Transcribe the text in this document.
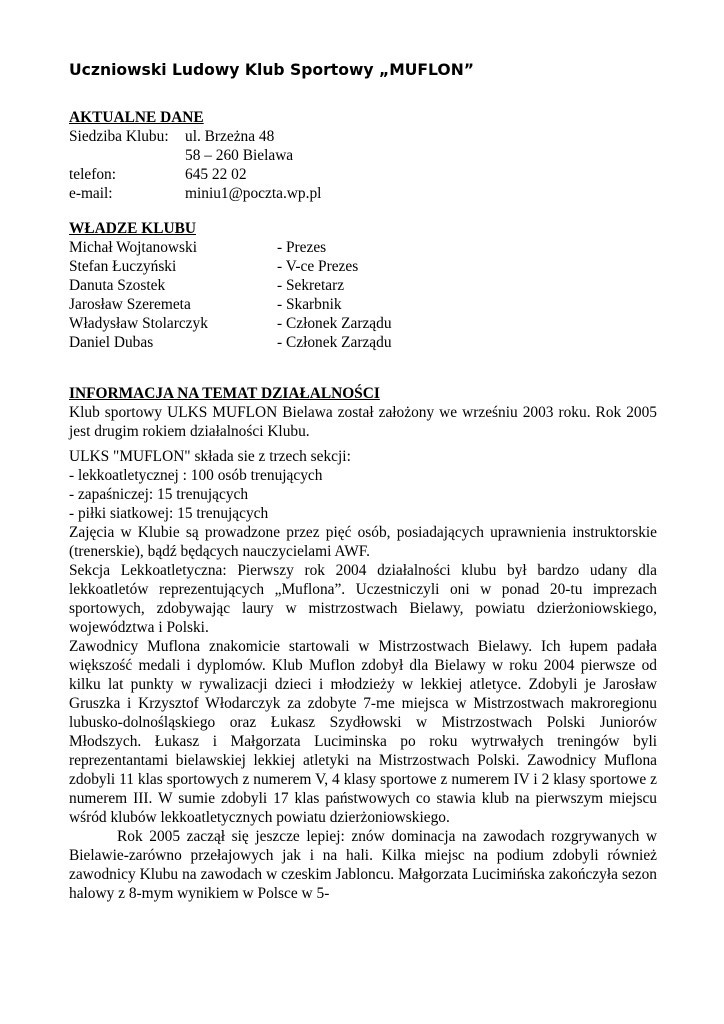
Uczniowski Ludowy Klub Sportowy „MUFLON”

AKTUALNE DANE

Siedziba Klubu:	ul. Brzeżna 48
58 – 260 Bielawa
telefon:	645 22 02
e-mail:	miniu1@poczta.wp.pl

WŁADZE KLUBU

Michał Wojtanowski	- Prezes
Stefan Łuczyński	- V-ce Prezes
Danuta Szostek	- Sekretarz
Jarosław Szeremeta	- Skarbnik
Władysław Stolarczyk	- Członek Zarządu
Daniel Dubas	- Członek Zarządu

INFORMACJA NA TEMAT DZIAŁALNOŚCI

Klub sportowy ULKS MUFLON Bielawa został założony we wrześniu 2003 roku. Rok 2005 jest drugim rokiem działalności Klubu.

ULKS "MUFLON" składa sie z trzech sekcji:

- lekkoatletycznej : 100 osób trenujących

- zapaśniczej: 15 trenujących

- piłki siatkowej: 15 trenujących

Zajęcia w Klubie są prowadzone przez pięć osób, posiadających uprawnienia instruktorskie (trenerskie), bądź będących nauczycielami AWF.

Sekcja Lekkoatletyczna: Pierwszy rok 2004 działalności klubu był bardzo udany dla lekkoatletów reprezentujących „Muflona”. Uczestniczyli oni w ponad 20-tu imprezach sportowych, zdobywając laury w mistrzostwach Bielawy, powiatu dzierżoniowskiego, województwa i Polski.

Zawodnicy Muflona znakomicie startowali w Mistrzostwach Bielawy. Ich łupem padała większość medali i dyplomów. Klub Muflon zdobył dla Bielawy w roku 2004 pierwsze od kilku lat punkty w rywalizacji dzieci i młodzieży w lekkiej atletyce. Zdobyli je Jarosław Gruszka i Krzysztof Włodarczyk za zdobyte 7-me miejsca w Mistrzostwach makroregionu lubusko-dolnośląskiego oraz Łukasz Szydłowski w Mistrzostwach Polski Juniorów Młodszych. Łukasz i Małgorzata Luciminska po roku wytrwałych treningów byli reprezentantami bielawskiej lekkiej atletyki na Mistrzostwach Polski. Zawodnicy Muflona zdobyli 11 klas sportowych z numerem V, 4 klasy sportowe z numerem IV i 2 klasy sportowe z numerem III. W sumie zdobyli 17 klas państwowych co stawia klub na pierwszym miejscu wśród klubów lekkoatletycznych powiatu dzierżoniowskiego.

Rok 2005 zaczął się jeszcze lepiej: znów dominacja na zawodach rozgrywanych w Bielawie-zarówno przełajowych jak i na hali. Kilka miejsc na podium zdobyli również zawodnicy Klubu na zawodach w czeskim Jablоncu. Małgorzata Lucimińska zakończyła sezon halowy z 8-mym wynikiem w Polsce w 5-
